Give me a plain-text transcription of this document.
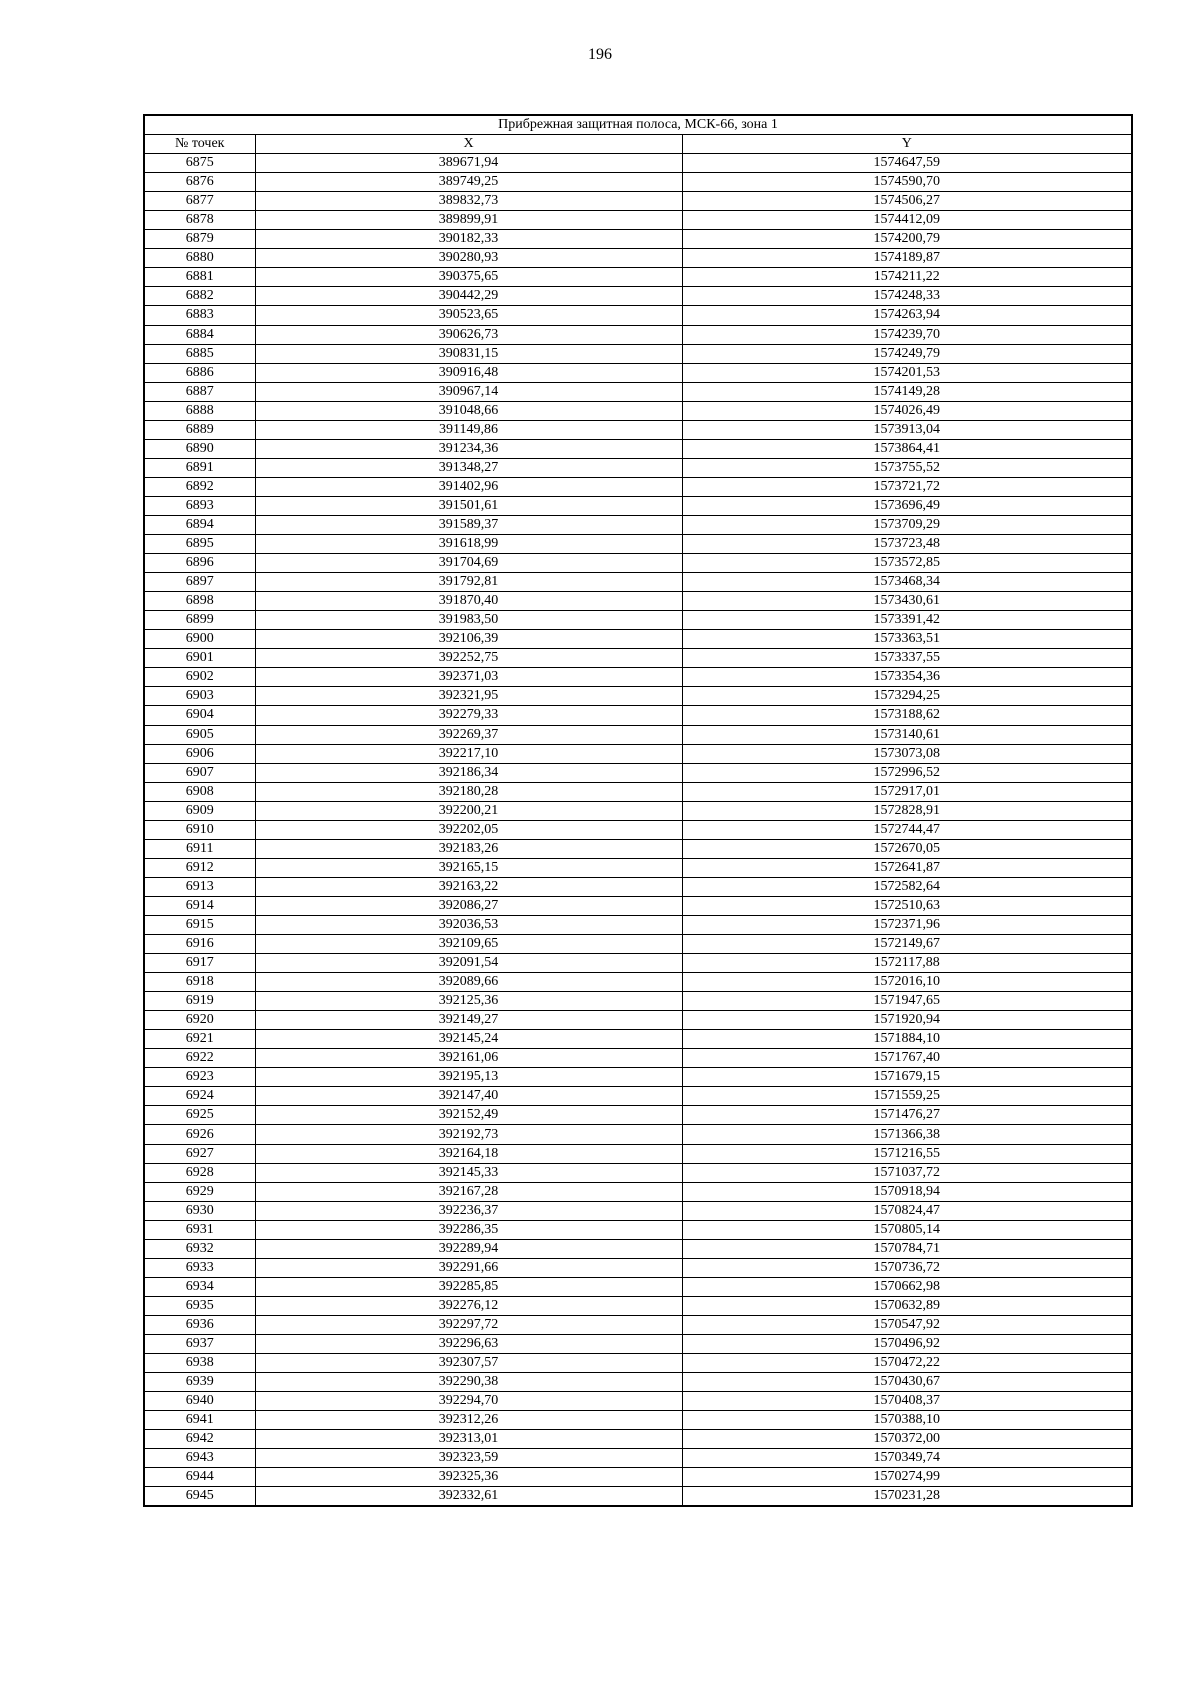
196
Прибрежная защитная полоса, МСК-66, зона 1		
№ точек	X	Y
6875	389671,94	1574647,59
6876	389749,25	1574590,70
6877	389832,73	1574506,27
6878	389899,91	1574412,09
6879	390182,33	1574200,79
6880	390280,93	1574189,87
6881	390375,65	1574211,22
6882	390442,29	1574248,33
6883	390523,65	1574263,94
6884	390626,73	1574239,70
6885	390831,15	1574249,79
6886	390916,48	1574201,53
6887	390967,14	1574149,28
6888	391048,66	1574026,49
6889	391149,86	1573913,04
6890	391234,36	1573864,41
6891	391348,27	1573755,52
6892	391402,96	1573721,72
6893	391501,61	1573696,49
6894	391589,37	1573709,29
6895	391618,99	1573723,48
6896	391704,69	1573572,85
6897	391792,81	1573468,34
6898	391870,40	1573430,61
6899	391983,50	1573391,42
6900	392106,39	1573363,51
6901	392252,75	1573337,55
6902	392371,03	1573354,36
6903	392321,95	1573294,25
6904	392279,33	1573188,62
6905	392269,37	1573140,61
6906	392217,10	1573073,08
6907	392186,34	1572996,52
6908	392180,28	1572917,01
6909	392200,21	1572828,91
6910	392202,05	1572744,47
6911	392183,26	1572670,05
6912	392165,15	1572641,87
6913	392163,22	1572582,64
6914	392086,27	1572510,63
6915	392036,53	1572371,96
6916	392109,65	1572149,67
6917	392091,54	1572117,88
6918	392089,66	1572016,10
6919	392125,36	1571947,65
6920	392149,27	1571920,94
6921	392145,24	1571884,10
6922	392161,06	1571767,40
6923	392195,13	1571679,15
6924	392147,40	1571559,25
6925	392152,49	1571476,27
6926	392192,73	1571366,38
6927	392164,18	1571216,55
6928	392145,33	1571037,72
6929	392167,28	1570918,94
6930	392236,37	1570824,47
6931	392286,35	1570805,14
6932	392289,94	1570784,71
6933	392291,66	1570736,72
6934	392285,85	1570662,98
6935	392276,12	1570632,89
6936	392297,72	1570547,92
6937	392296,63	1570496,92
6938	392307,57	1570472,22
6939	392290,38	1570430,67
6940	392294,70	1570408,37
6941	392312,26	1570388,10
6942	392313,01	1570372,00
6943	392323,59	1570349,74
6944	392325,36	1570274,99
6945	392332,61	1570231,28
